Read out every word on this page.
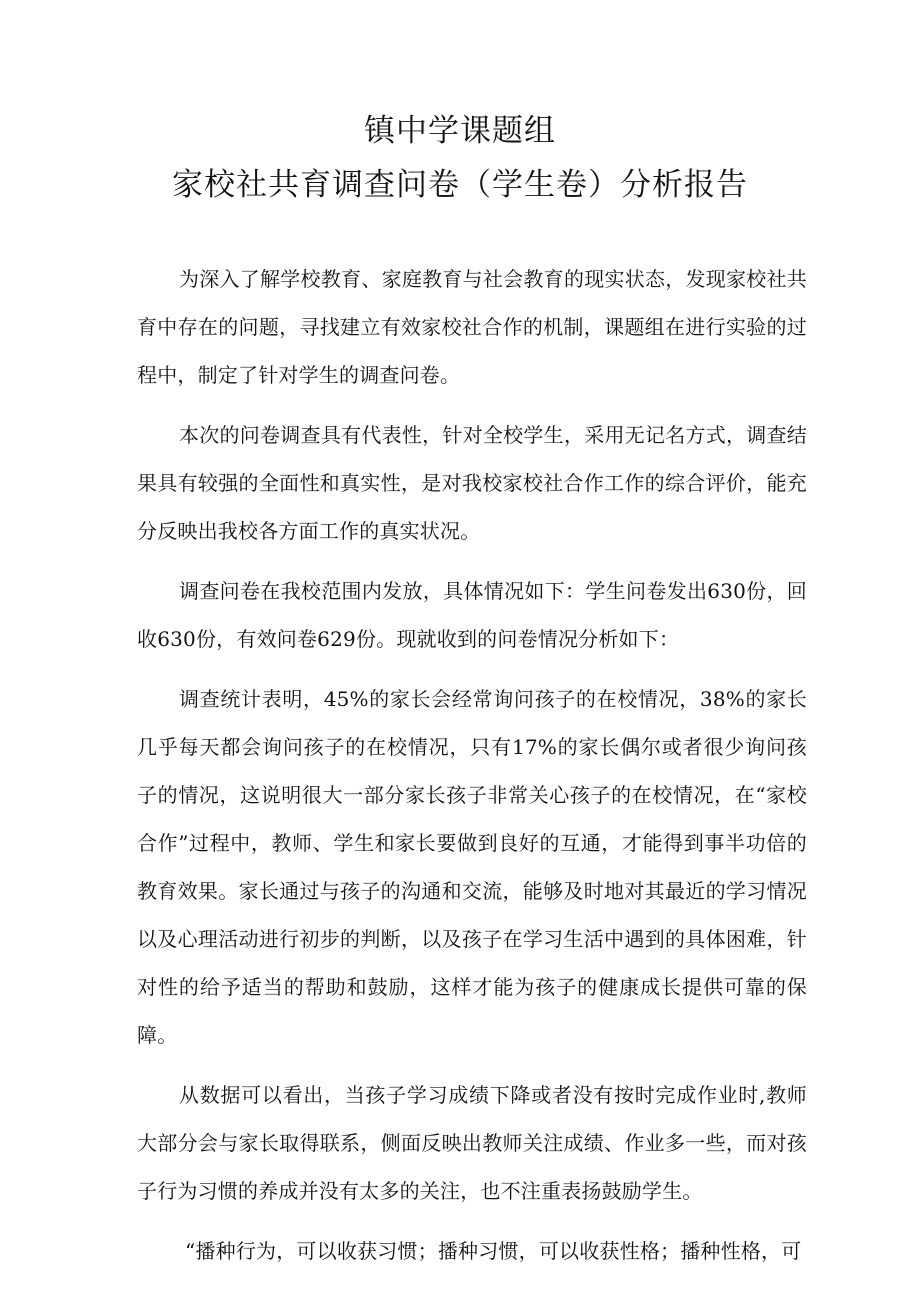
镇中学课题组
家校社共育调查问卷（学生卷）分析报告

为深入了解学校教育、家庭教育与社会教育的现实状态，发现家校社共育中存在的问题，寻找建立有效家校社合作的机制，课题组在进行实验的过程中，制定了针对学生的调查问卷。

本次的问卷调查具有代表性，针对全校学生，采用无记名方式，调查结果具有较强的全面性和真实性，是对我校家校社合作工作的综合评价，能充分反映出我校各方面工作的真实状况。

调查问卷在我校范围内发放，具体情况如下：学生问卷发出630份，回收630份，有效问卷629份。现就收到的问卷情况分析如下：

调查统计表明，45%的家长会经常询问孩子的在校情况，38%的家长几乎每天都会询问孩子的在校情况，只有17%的家长偶尔或者很少询问孩子的情况，这说明很大一部分家长孩子非常关心孩子的在校情况，在“家校合作”过程中，教师、学生和家长要做到良好的互通，才能得到事半功倍的教育效果。家长通过与孩子的沟通和交流，能够及时地对其最近的学习情况以及心理活动进行初步的判断，以及孩子在学习生活中遇到的具体困难，针对性的给予适当的帮助和鼓励，这样才能为孩子的健康成长提供可靠的保障。

从数据可以看出，当孩子学习成绩下降或者没有按时完成作业时,教师大部分会与家长取得联系，侧面反映出教师关注成绩、作业多一些，而对孩子行为习惯的养成并没有太多的关注，也不注重表扬鼓励学生。

“播种行为，可以收获习惯；播种习惯，可以收获性格；播种性格，可
